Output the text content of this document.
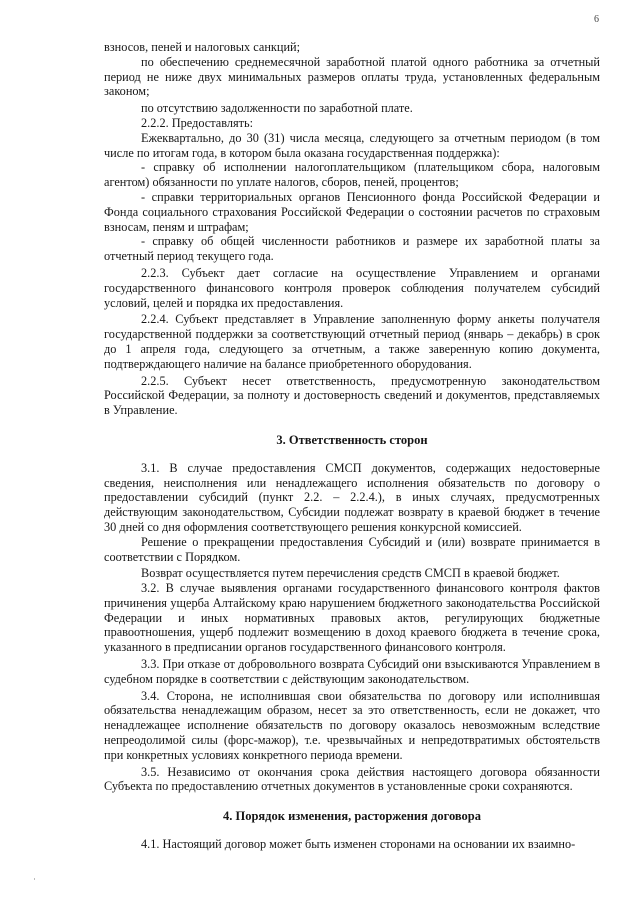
6

взносов, пеней и налоговых санкций;

по обеспечению среднемесячной заработной платой одного работника за отчетный период не ниже двух минимальных размеров оплаты труда, установленных федеральным законом;

по отсутствию задолженности по заработной плате.

2.2.2. Предоставлять:

Ежеквартально, до 30 (31) числа месяца, следующего за отчетным периодом (в том числе по итогам года, в котором была оказана государственная поддержка):

- справку об исполнении налогоплательщиком (плательщиком сбора, налоговым агентом) обязанности по уплате налогов, сборов, пеней, процентов;

- справки территориальных органов Пенсионного фонда Российской Федерации и Фонда социального страхования Российской Федерации о состоянии расчетов по страховым взносам, пеням и штрафам;

- справку об общей численности работников и размере их заработной платы за отчетный период текущего года.

2.2.3. Субъект дает согласие на осуществление Управлением и органами государственного финансового контроля проверок соблюдения получателем субсидий условий, целей и порядка их предоставления.

2.2.4. Субъект представляет в Управление заполненную форму анкеты получателя государственной поддержки за соответствующий отчетный период (январь – декабрь) в срок до 1 апреля года, следующего за отчетным, а также заверенную копию документа, подтверждающего наличие на балансе приобретенного оборудования.

2.2.5. Субъект несет ответственность, предусмотренную законодательством Российской Федерации, за полноту и достоверность сведений и документов, представляемых в Управление.

3. Ответственность сторон

3.1. В случае предоставления СМСП документов, содержащих недостоверные сведения, неисполнения или ненадлежащего исполнения обязательств по договору о предоставлении субсидий (пункт 2.2. – 2.2.4.), в иных случаях, предусмотренных действующим законодательством, Субсидии подлежат возврату в краевой бюджет в течение 30 дней со дня оформления соответствующего решения конкурсной комиссией.

Решение о прекращении предоставления Субсидий и (или) возврате принимается в соответствии с Порядком.

Возврат осуществляется путем перечисления средств СМСП в краевой бюджет.

3.2. В случае выявления органами государственного финансового контроля фактов причинения ущерба Алтайскому краю нарушением бюджетного законодательства Российской Федерации и иных нормативных правовых актов, регулирующих бюджетные правоотношения, ущерб подлежит возмещению в доход краевого бюджета в течение срока, указанного в предписании органов государственного финансового контроля.

3.3. При отказе от добровольного возврата Субсидий они взыскиваются Управлением в судебном порядке в соответствии с действующим законодательством.

3.4. Сторона, не исполнившая свои обязательства по договору или исполнившая обязательства ненадлежащим образом, несет за это ответственность, если не докажет, что ненадлежащее исполнение обязательств по договору оказалось невозможным вследствие непреодолимой силы (форс-мажор), т.е. чрезвычайных и непредотвратимых обстоятельств при конкретных условиях конкретного периода времени.

3.5. Независимо от окончания срока действия настоящего договора обязанности Субъекта по предоставлению отчетных документов в установленные сроки сохраняются.

4. Порядок изменения, расторжения договора

4.1. Настоящий договор может быть изменен сторонами на основании их взаимно-
